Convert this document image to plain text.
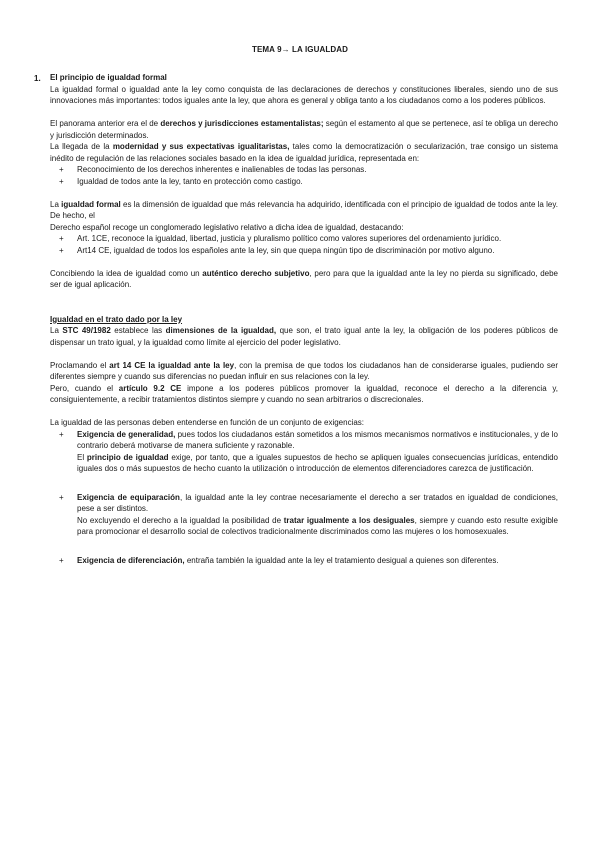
TEMA 9→ LA IGUALDAD
1. El principio de igualdad formal

La igualdad formal o igualdad ante la ley como conquista de las declaraciones de derechos y constituciones liberales, siendo uno de sus innovaciones más importantes: todos iguales ante la ley, que ahora es general y obliga tanto a los ciudadanos como a los poderes públicos.

El panorama anterior era el de derechos y jurisdicciones estamentalistas; según el estamento al que se pertenece, así te obliga un derecho y jurisdicción determinados.

La llegada de la modernidad y sus expectativas igualitaristas, tales como la democratización o secularización, trae consigo un sistema inédito de regulación de las relaciones sociales basado en la idea de igualdad jurídica, representada en:

+ Reconocimiento de los derechos inherentes e inalienables de todas las personas.
+ Igualdad de todos ante la ley, tanto en protección como castigo.

La igualdad formal es la dimensión de igualdad que más relevancia ha adquirido, identificada con el principio de igualdad de todos ante la ley. De hecho, el

Derecho español recoge un conglomerado legislativo relativo a dicha idea de igualdad, destacando:

+ Art. 1CE, reconoce la igualdad, libertad, justicia y pluralismo político como valores superiores del ordenamiento jurídico.
+ Art14 CE, igualdad de todos los españoles ante la ley, sin que quepa ningún tipo de discriminación por motivo alguno.

Concibiendo la idea de igualdad como un auténtico derecho subjetivo, pero para que la igualdad ante la ley no pierda su significado, debe ser de igual aplicación.

Igualdad en el trato dado por la ley

La STC 49/1982 establece las dimensiones de la igualdad, que son, el trato igual ante la ley, la obligación de los poderes públicos de dispensar un trato igual, y la igualdad como límite al ejercicio del poder legislativo.

Proclamando el art 14 CE la igualdad ante la ley, con la premisa de que todos los ciudadanos han de considerarse iguales, pudiendo ser diferentes siempre y cuando sus diferencias no puedan influir en sus relaciones con la ley.

Pero, cuando el artículo 9.2 CE impone a los poderes públicos promover la igualdad, reconoce el derecho a la diferencia y, consiguientemente, a recibir tratamientos distintos siempre y cuando no sean arbitrarios o discrecionales.

La igualdad de las personas deben entenderse en función de un conjunto de exigencias:

+ Exigencia de generalidad, pues todos los ciudadanos están sometidos a los mismos mecanismos normativos e institucionales, y de lo contrario deberá motivarse de manera suficiente y razonable.
El principio de igualdad exige, por tanto, que a iguales supuestos de hecho se apliquen iguales consecuencias jurídicas, entendido iguales dos o más supuestos de hecho cuanto la utilización o introducción de elementos diferenciadores carezca de justificación.
+ Exigencia de equiparación, la igualdad ante la ley contrae necesariamente el derecho a ser tratados en igualdad de condiciones, pese a ser distintos.
No excluyendo el derecho a la igualdad la posibilidad de tratar igualmente a los desiguales, siempre y cuando esto resulte exigible para promocionar el desarrollo social de colectivos tradicionalmente discriminados como las mujeres o los homosexuales.
+ Exigencia de diferenciación, entraña también la igualdad ante la ley el tratamiento desigual a quienes son diferentes.
